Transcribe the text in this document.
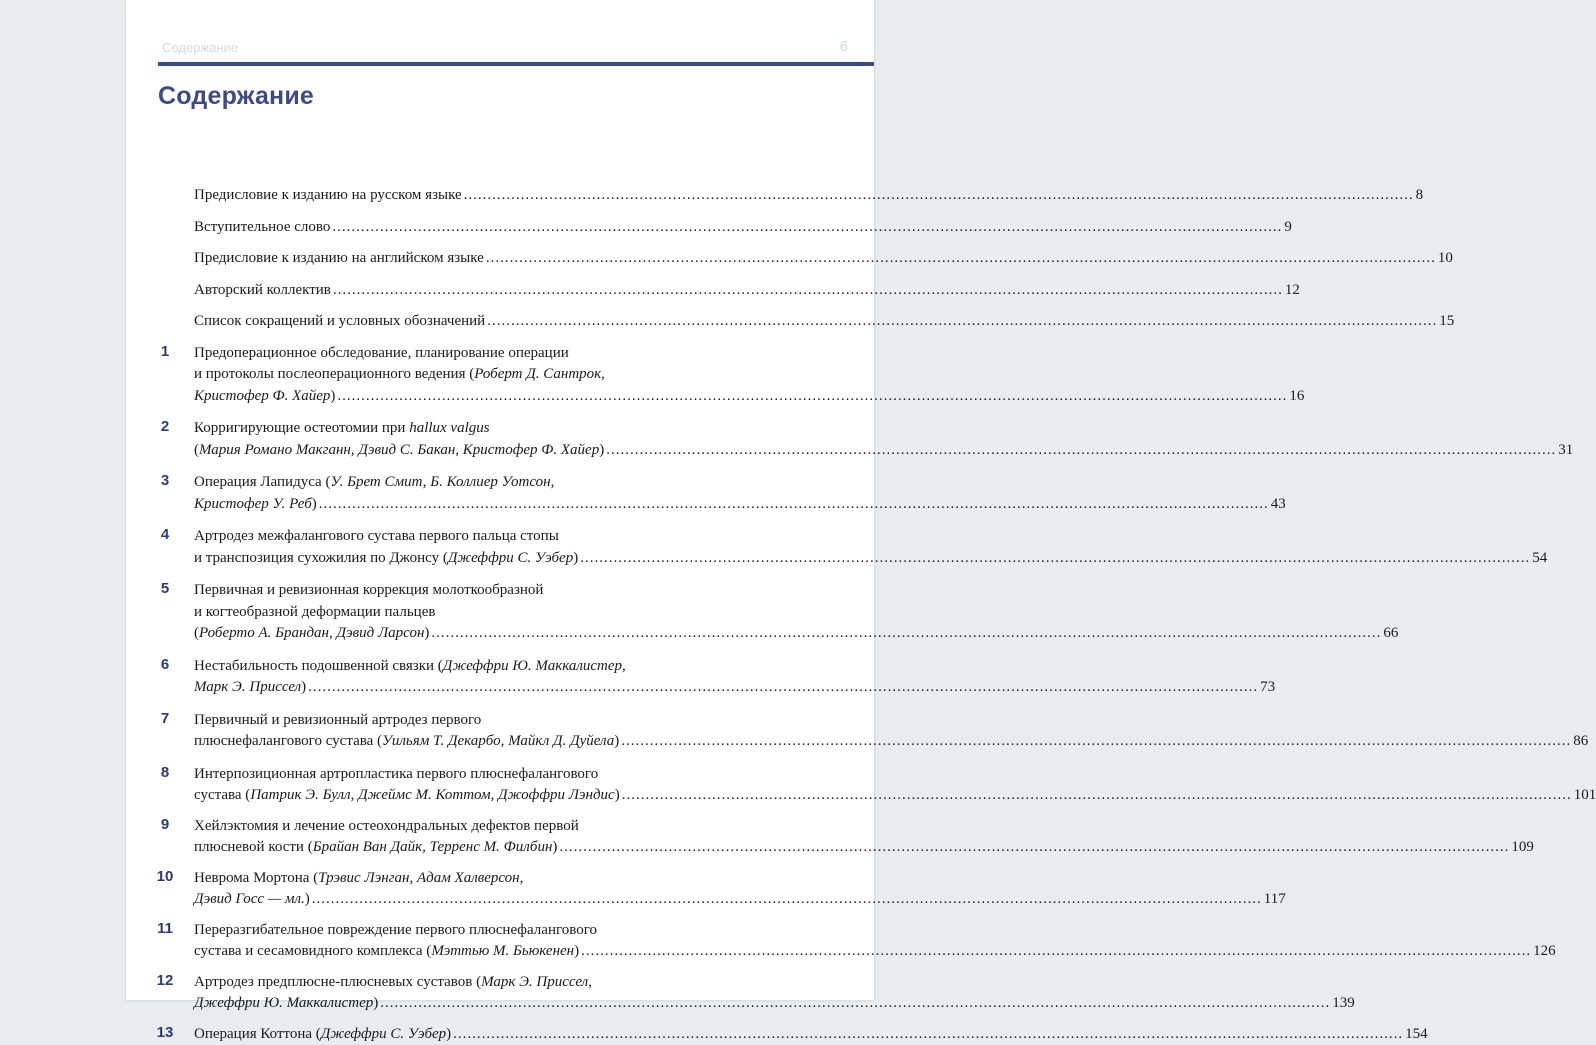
Содержание	6
Содержание
Предисловие к изданию на русском языке ........................................................................................................................................................................................................ 8
Вступительное слово ........................................................................................................................................................................................................ 9
Предисловие к изданию на английском языке ........................................................................................................................................................................................................ 10
Авторский коллектив ........................................................................................................................................................................................................ 12
Список сокращений и условных обозначений ........................................................................................................................................................................................................ 15
1	Предоперационное обследование, планирование операции
и протоколы послеоперационного ведения (Роберт Д. Сантрок,
Кристофер Ф. Хайер) ........................................................................................................................................................................................................ 16
2	Корригирующие остеотомии при hallux valgus
(Мария Романо Макганн, Дэвид С. Бакан, Кристофер Ф. Хайер) ........................................................................................................................................................................................................ 31
3	Операция Лапидуса (У. Брет Смит, Б. Коллиер Уотсон,
Кристофер У. Реб) ........................................................................................................................................................................................................ 43
4	Артродез межфалангового сустава первого пальца стопы
и транспозиция сухожилия по Джонсу (Джеффри С. Уэбер) ........................................................................................................................................................................................................ 54
5	Первичная и ревизионная коррекция молоткообразной
и когтеобразной деформации пальцев
(Роберто А. Брандан, Дэвид Ларсон) ........................................................................................................................................................................................................ 66
6	Нестабильность подошвенной связки (Джеффри Ю. Маккалистер,
Марк Э. Приссел) ........................................................................................................................................................................................................ 73
7	Первичный и ревизионный артродез первого
плюснефалангового сустава (Уильям Т. Декарбо, Майкл Д. Дуйела) ........................................................................................................................................................................................................ 86
8	Интерпозиционная артропластика первого плюснефалангового
сустава (Патрик Э. Булл, Джеймс М. Коттом, Джоффри Лэндис) ........................................................................................................................................................................................................ 101
9	Хейлэктомия и лечение остеохондральных дефектов первой
плюсневой кости (Брайан Ван Дайк, Терренс М. Филбин) ........................................................................................................................................................................................................ 109
10	Неврома Мортона (Трэвис Лэнган, Адам Халверсон,
Дэвид Госс — мл.) ........................................................................................................................................................................................................ 117
11	Переразгибательное повреждение первого плюснефалангового
сустава и сесамовидного комплекса (Мэттью М. Бьюкенен) ........................................................................................................................................................................................................ 126
12	Артродез предплюсне-плюсневых суставов (Марк Э. Приссел,
Джеффри Ю. Маккалистер) ........................................................................................................................................................................................................ 139
13	Операция Коттона (Джеффри С. Уэбер) ........................................................................................................................................................................................................ 154
